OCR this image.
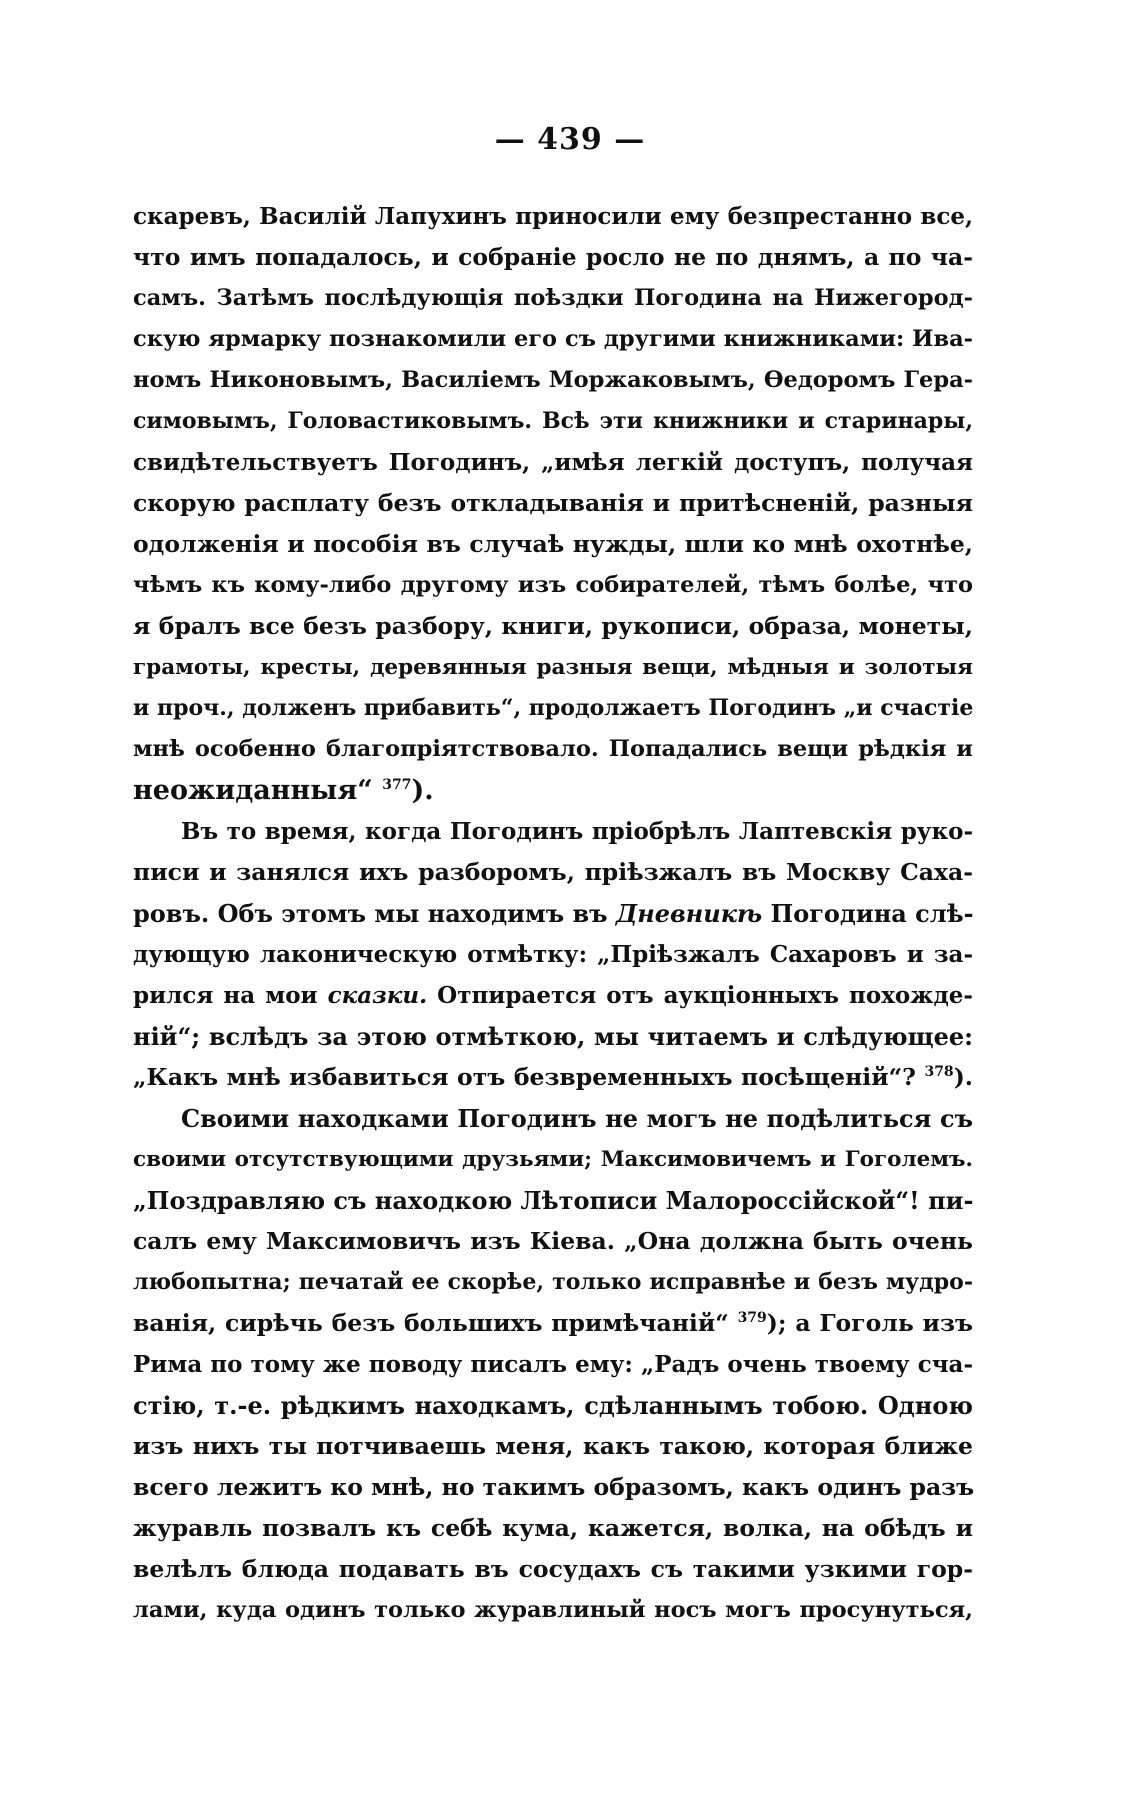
— 439 —
скаревъ, Василій Лапухинъ приносили ему безпрестанно все,
что имъ попадалось, и собраніе росло не по днямъ, а по ча-
самъ. Затѣмъ послѣдующія поѣздки Погодина на Нижегород-
скую ярмарку познакомили его съ другими книжниками: Ива-
номъ Никоновымъ, Василіемъ Моржаковымъ, Өедоромъ Гера-
симовымъ, Головастиковымъ. Всѣ эти книжники и старинары,
свидѣтельствуетъ Погодинъ, „имѣя легкій доступъ, получая
скорую расплату безъ откладыванія и притѣсненій, разныя
одолженія и пособія въ случаѣ нужды, шли ко мнѣ охотнѣе,
чѣмъ къ кому-либо другому изъ собирателей, тѣмъ болѣе, что
я бралъ все безъ разбору, книги, рукописи, образа, монеты,
грамоты, кресты, деревянныя разныя вещи, мѣдныя и золотыя
и проч., долженъ прибавить“, продолжаетъ Погодинъ „и счастіе
мнѣ особенно благопріятствовало. Попадались вещи рѣдкія и
неожиданныя“ $^{377}$).
Въ то время, когда Погодинъ пріобрѣлъ Лаптевскія руко-
писи и занялся ихъ разборомъ, пріѣзжалъ въ Москву Саха-
ровъ. Объ этомъ мы находимъ въ Дневникѣ Погодина слѣ-
дующую лаконическую отмѣтку: „Пріѣзжалъ Сахаровъ и за-
рился на мои сказки. Отпирается отъ аукціонныхъ похожде-
ній“; вслѣдъ за этою отмѣткою, мы читаемъ и слѣдующее:
„Какъ мнѣ избавиться отъ безвременныхъ посѣщеній“? $^{378}$).
Своими находками Погодинъ не могъ не подѣлиться съ
своими отсутствующими друзьями; Максимовичемъ и Гоголемъ.
„Поздравляю съ находкою Лѣтописи Малороссійской“! пи-
салъ ему Максимовичъ изъ Кіева. „Она должна быть очень
любопытна; печатай ее скорѣе, только исправнѣе и безъ мудро-
ванія, сирѣчь безъ большихъ примѣчаній“ $^{379}$); а Гоголь изъ
Рима по тому же поводу писалъ ему: „Радъ очень твоему сча-
стію, т.-е. рѣдкимъ находкамъ, сдѣланнымъ тобою. Одною
изъ нихъ ты потчиваешь меня, какъ такою, которая ближе
всего лежитъ ко мнѣ, но такимъ образомъ, какъ одинъ разъ
журавль позвалъ къ себѣ кума, кажется, волка, на обѣдъ и
велѣлъ блюда подавать въ сосудахъ съ такими узкими гор-
лами, куда одинъ только журавлиный носъ могъ просунуться,
